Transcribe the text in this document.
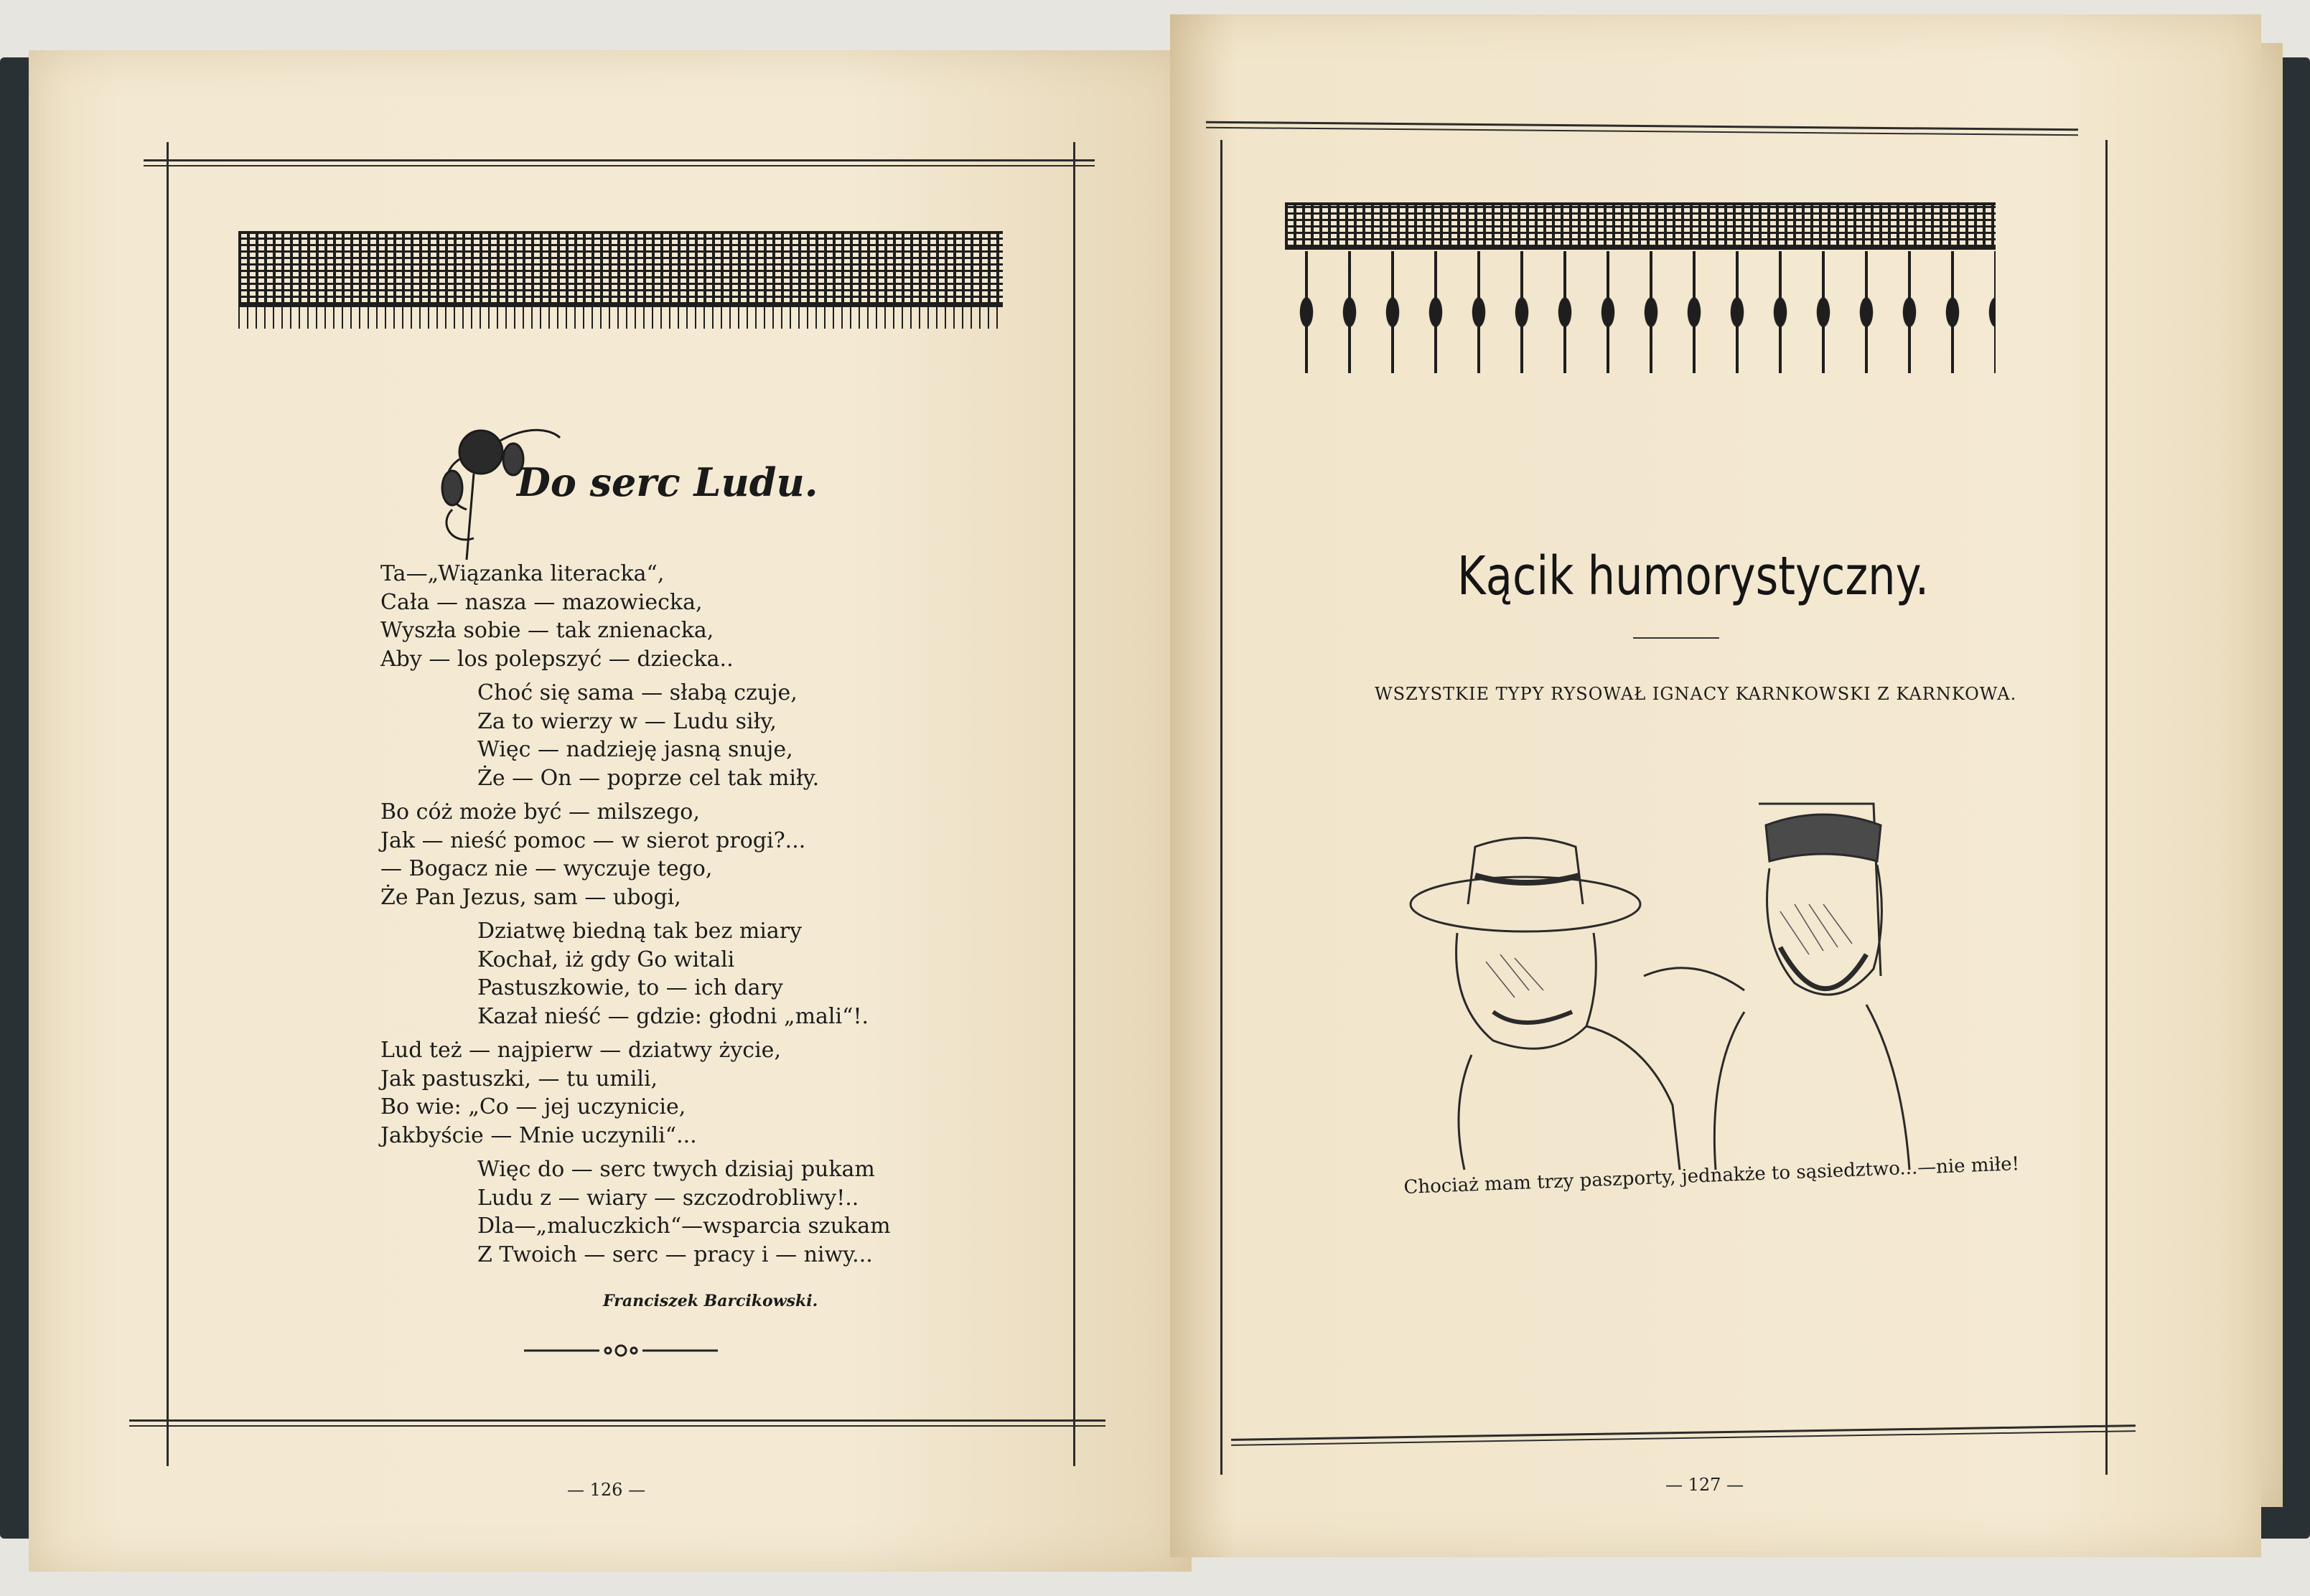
Do serc Ludu.
Ta—„Wiązanka literacka“,
Cała — nasza — mazowiecka,
Wyszła sobie — tak znienacka,
Aby — los polepszyć — dziecka..
Choć się sama — słabą czuje,
Za to wierzy w — Ludu siły,
Więc — nadzieję jasną snuje,
Że — On — poprze cel tak miły.
Bo cóż może być — milszego,
Jak — nieść pomoc — w sierot progi?...
— Bogacz nie — wyczuje tego,
Że Pan Jezus, sam — ubogi,
Dziatwę biedną tak bez miary
Kochał, iż gdy Go witali
Pastuszkowie, to — ich dary
Kazał nieść — gdzie: głodni „mali“!.
Lud też — najpierw — dziatwy życie,
Jak pastuszki, — tu umili,
Bo wie: „Co — jej uczynicie,
Jakbyście — Mnie uczynili“...
Więc do — serc twych dzisiaj pukam
Ludu z — wiary — szczodrobliwy!..
Dla—„maluczkich“—wsparcia szukam
Z Twoich — serc — pracy i — niwy...
Franciszek Barcikowski.
— 126 —
Kącik humorystyczny.
WSZYSTKIE TYPY RYSOWAŁ IGNACY KARNKOWSKI Z KARNKOWA.
Chociaż mam trzy paszporty, jednakże to sąsiedztwo...—nie miłe!
— 127 —
